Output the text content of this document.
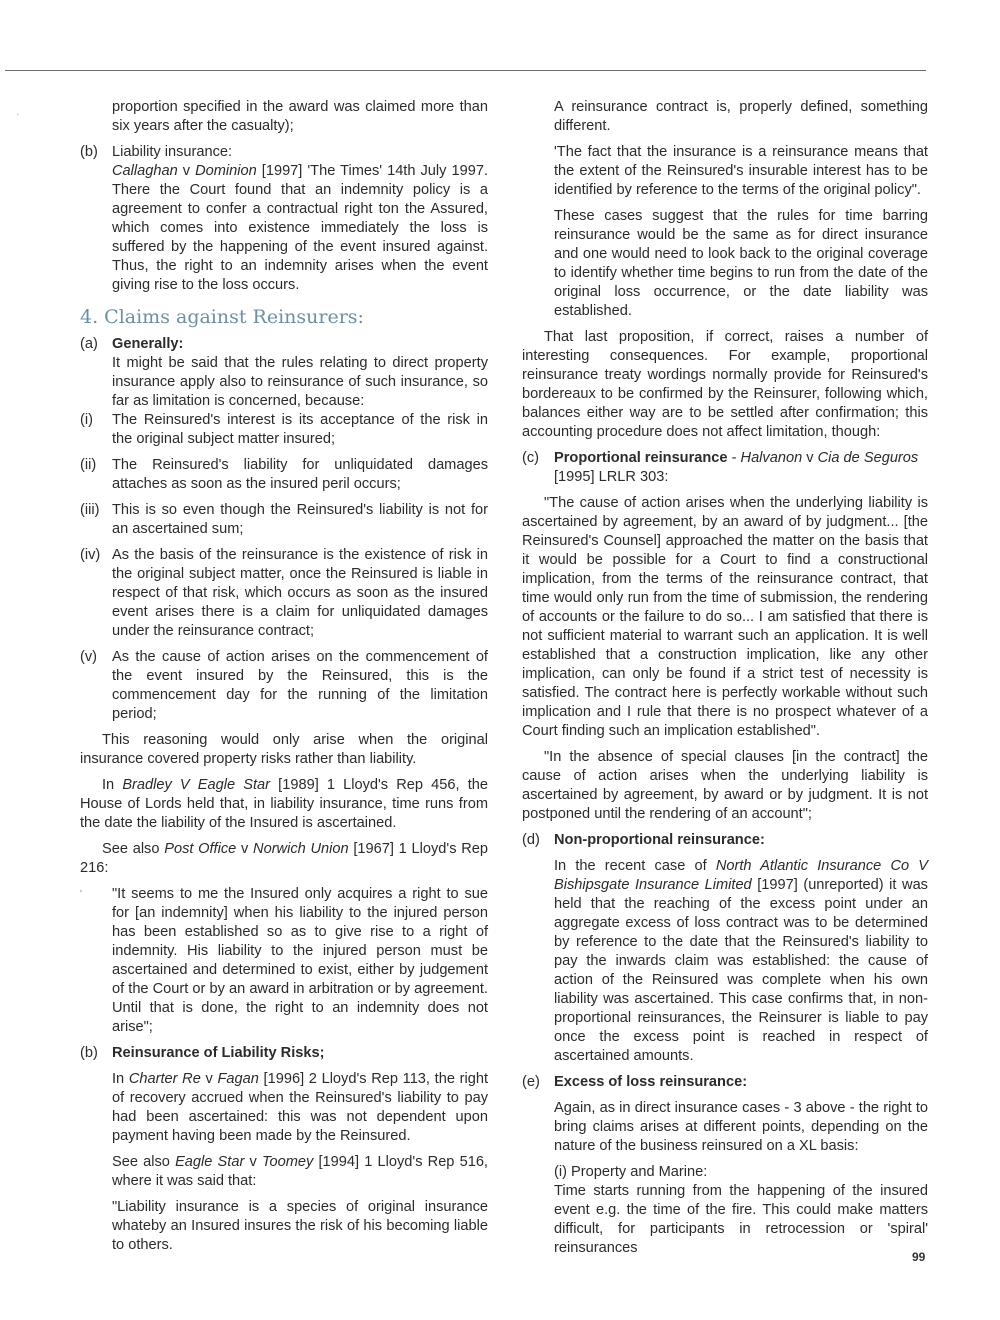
'

proportion specified in the award was claimed more than six years after the casualty);

(b) Liability insurance:

Callaghan v Dominion [1997] 'The Times' 14th July 1997. There the Court found that an indemnity policy is a agreement to confer a contractual right ton the Assured, which comes into existence immediately the loss is suffered by the happening of the event insured against. Thus, the right to an indemnity arises when the event giving rise to the loss occurs.

4. Claims against Reinsurers:
(a) Generally:

It might be said that the rules relating to direct property insurance apply also to reinsurance of such insurance, so far as limitation is concerned, because:

(i)	The Reinsured's interest is its acceptance of the risk in the original subject matter insured;
(ii)	The Reinsured's liability for unliquidated damages attaches as soon as the insured peril occurs;
(iii) This is so even though the Reinsured's liability is not for an ascertained sum;
(iv) As the basis of the reinsurance is the existence of risk in the original subject matter, once the Reinsured is liable in respect of that risk, which occurs as soon as the insured event arises there is a claim for unliquidated damages under the reinsurance contract;
(v)	As the cause of action arises on the commencement of the event insured by the Reinsured, this is the commencement day for the running of the limitation period;

This reasoning would only arise when the original insurance covered property risks rather than liability.

In Bradley V Eagle Star [1989] 1 Lloyd's Rep 456, the House of Lords held that, in liability insurance, time runs from the date the liability of the Insured is ascertained.

See also Post Office v Norwich Union [1967] 1 Lloyd's Rep 216:

'	"It seems to me the Insured only acquires a right to sue for [an indemnity] when his liability to the injured person has been established so as to give rise to a right of indemnity. His liability to the injured person must be ascertained and determined to exist, either by judgement of the Court or by an award in arbitration or by agreement. Until that is done, the right to an indemnity does not arise";

(b) Reinsurance of Liability Risks;

In Charter Re v Fagan [1996] 2 Lloyd's Rep 113, the right of recovery accrued when the Reinsured's liability to pay had been ascertained: this was not dependent upon payment having been made by the Reinsured.

See also Eagle Star v Toomey [1994] 1 Lloyd's Rep 516, where it was said that:

"Liability insurance is a species of original insurance whateby an Insured insures the risk of his becoming liable to others.

A reinsurance contract is, properly defined, something different.

'The fact that the insurance is a reinsurance means that the extent of the Reinsured's insurable interest has to be identified by reference to the terms of the original policy".

These cases suggest that the rules for time barring reinsurance would be the same as for direct insurance and one would need to look back to the original coverage to identify whether time begins to run from the date of the original loss occurrence, or the date liability was established.

That last proposition, if correct, raises a number of interesting consequences. For example, proportional reinsurance treaty wordings normally provide for Reinsured's bordereaux to be confirmed by the Reinsurer, following which, balances either way are to be settled after confirmation; this accounting procedure does not affect limitation, though:

(c)	Proportional reinsurance - Halvanon v Cia de Seguros [1995] LRLR 303:

"The cause of action arises when the underlying liability is ascertained by agreement, by an award of by judgment... [the Reinsured's Counsel] approached the matter on the basis that it would be possible for a Court to find a constructional implication, from the terms of the reinsurance contract, that time would only run from the time of submission, the rendering of accounts or the failure to do so... I am satisfied that there is not sufficient material to warrant such an application. It is well established that a construction implication, like any other implication, can only be found if a strict test of necessity is satisfied. The contract here is perfectly workable without such implication and I rule that there is no prospect whatever of a Court finding such an implication established".

"In the absence of special clauses [in the contract] the cause of action arises when the underlying liability is ascertained by agreement, by award or by judgment. It is not postponed until the rendering of an account";

(d) Non-proportional reinsurance:

In the recent case of North Atlantic Insurance Co V Bishipsgate Insurance Limited [1997] (unreported) it was held that the reaching of the excess point under an aggregate excess of loss contract was to be determined by reference to the date that the Reinsured's liability to pay the inwards claim was established: the cause of action of the Reinsured was complete when his own liability was ascertained. This case confirms that, in non-proportional reinsurances, the Reinsurer is liable to pay once the excess point is reached in respect of ascertained amounts.

(e) Excess of loss reinsurance:

Again, as in direct insurance cases - 3 above - the right to bring claims arises at different points, depending on the nature of the business reinsured on a XL basis:

(i) Property and Marine:

Time starts running from the happening of the insured event e.g. the time of the fire. This could make matters difficult, for participants in retrocession or 'spiral' reinsurances

99
